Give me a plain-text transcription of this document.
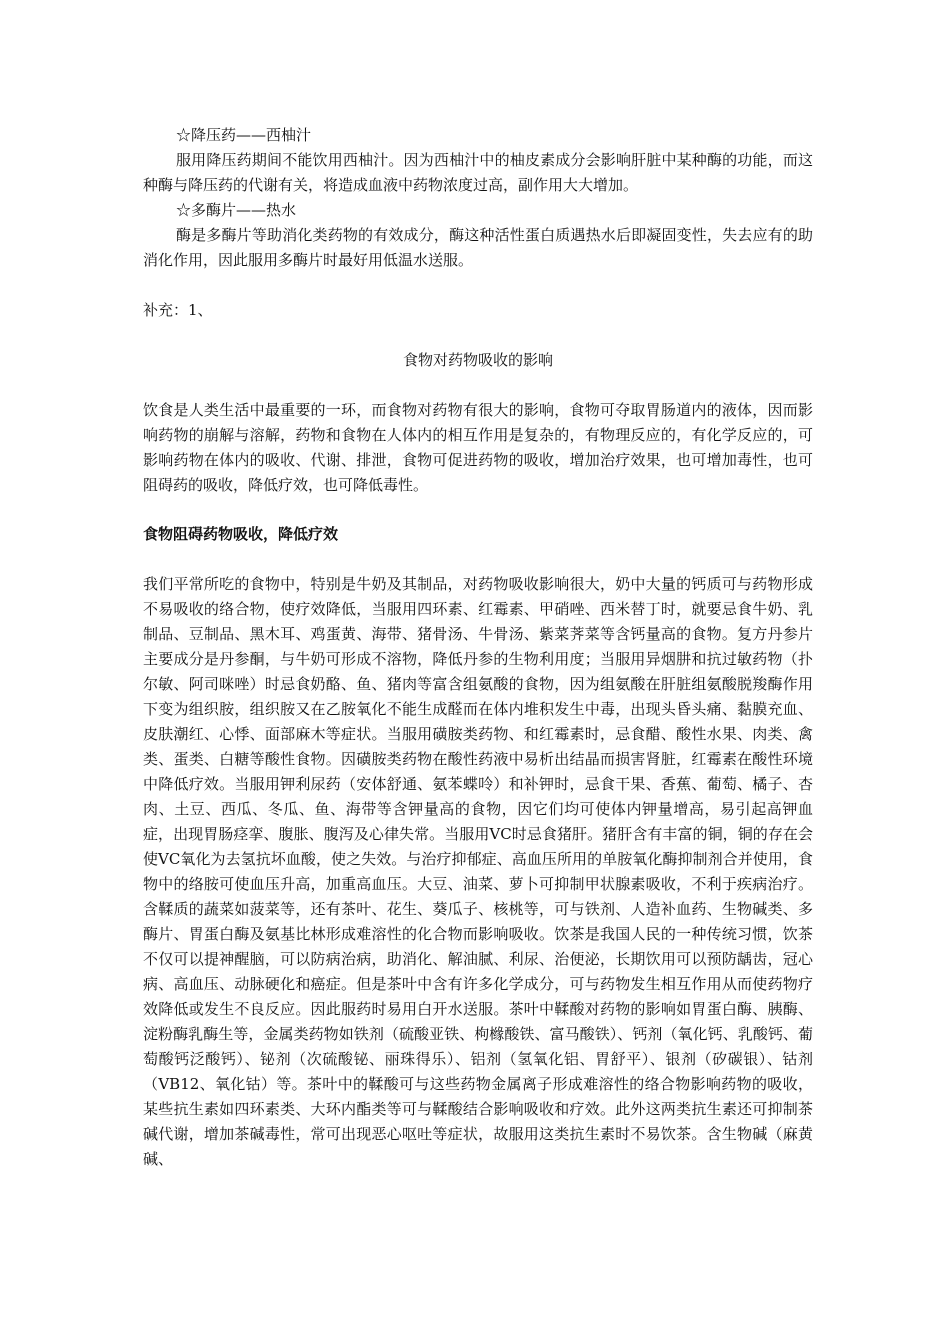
☆降压药——西柚汁

服用降压药期间不能饮用西柚汁。因为西柚汁中的柚皮素成分会影响肝脏中某种酶的功能，而这种酶与降压药的代谢有关，将造成血液中药物浓度过高，副作用大大增加。

☆多酶片——热水

酶是多酶片等助消化类药物的有效成分，酶这种活性蛋白质遇热水后即凝固变性，失去应有的助消化作用，因此服用多酶片时最好用低温水送服。

补充：1、

食物对药物吸收的影响

饮食是人类生活中最重要的一环，而食物对药物有很大的影响，食物可夺取胃肠道内的液体，因而影响药物的崩解与溶解，药物和食物在人体内的相互作用是复杂的，有物理反应的，有化学反应的，可影响药物在体内的吸收、代谢、排泄，食物可促进药物的吸收，增加治疗效果，也可增加毒性，也可阻碍药的吸收，降低疗效，也可降低毒性。

食物阻碍药物吸收，降低疗效

我们平常所吃的食物中，特别是牛奶及其制品，对药物吸收影响很大，奶中大量的钙质可与药物形成不易吸收的络合物，使疗效降低，当服用四环素、红霉素、甲硝唑、西米替丁时，就要忌食牛奶、乳制品、豆制品、黑木耳、鸡蛋黄、海带、猪骨汤、牛骨汤、紫菜荠菜等含钙量高的食物。复方丹参片主要成分是丹参酮，与牛奶可形成不溶物，降低丹参的生物利用度；当服用异烟肼和抗过敏药物（扑尔敏、阿司咪唑）时忌食奶酪、鱼、猪肉等富含组氨酸的食物，因为组氨酸在肝脏组氨酸脱羧酶作用下变为组织胺，组织胺又在乙胺氧化不能生成醛而在体内堆积发生中毒，出现头昏头痛、黏膜充血、皮肤潮红、心悸、面部麻木等症状。当服用磺胺类药物、和红霉素时，忌食醋、酸性水果、肉类、禽类、蛋类、白糖等酸性食物。因磺胺类药物在酸性药液中易析出结晶而损害肾脏，红霉素在酸性环境中降低疗效。当服用钾利尿药（安体舒通、氨苯蝶呤）和补钾时，忌食干果、香蕉、葡萄、橘子、杏肉、土豆、西瓜、冬瓜、鱼、海带等含钾量高的食物，因它们均可使体内钾量增高，易引起高钾血症，出现胃肠痉挛、腹胀、腹泻及心律失常。当服用VC时忌食猪肝。猪肝含有丰富的铜，铜的存在会使VC氧化为去氢抗坏血酸，使之失效。与治疗抑郁症、高血压所用的单胺氧化酶抑制剂合并使用，食物中的络胺可使血压升高，加重高血压。大豆、油菜、萝卜可抑制甲状腺素吸收，不利于疾病治疗。含鞣质的蔬菜如菠菜等，还有茶叶、花生、葵瓜子、核桃等，可与铁剂、人造补血药、生物碱类、多酶片、胃蛋白酶及氨基比林形成难溶性的化合物而影响吸收。饮茶是我国人民的一种传统习惯，饮茶不仅可以提神醒脑，可以防病治病，助消化、解油腻、利尿、治便泌，长期饮用可以预防龋齿，冠心病、高血压、动脉硬化和癌症。但是茶叶中含有许多化学成分，可与药物发生相互作用从而使药物疗效降低或发生不良反应。因此服药时易用白开水送服。茶叶中鞣酸对药物的影响如胃蛋白酶、胰酶、淀粉酶乳酶生等，金属类药物如铁剂（硫酸亚铁、枸橼酸铁、富马酸铁）、钙剂（氧化钙、乳酸钙、葡萄酸钙泛酸钙）、铋剂（次硫酸铋、丽珠得乐）、铝剂（氢氧化铝、胃舒平）、银剂（矽碳银）、钴剂（VB12、氧化钴）等。茶叶中的鞣酸可与这些药物金属离子形成难溶性的络合物影响药物的吸收，某些抗生素如四环素类、大环内酯类等可与鞣酸结合影响吸收和疗效。此外这两类抗生素还可抑制茶碱代谢，增加茶碱毒性，常可出现恶心呕吐等症状，故服用这类抗生素时不易饮茶。含生物碱（麻黄碱、
